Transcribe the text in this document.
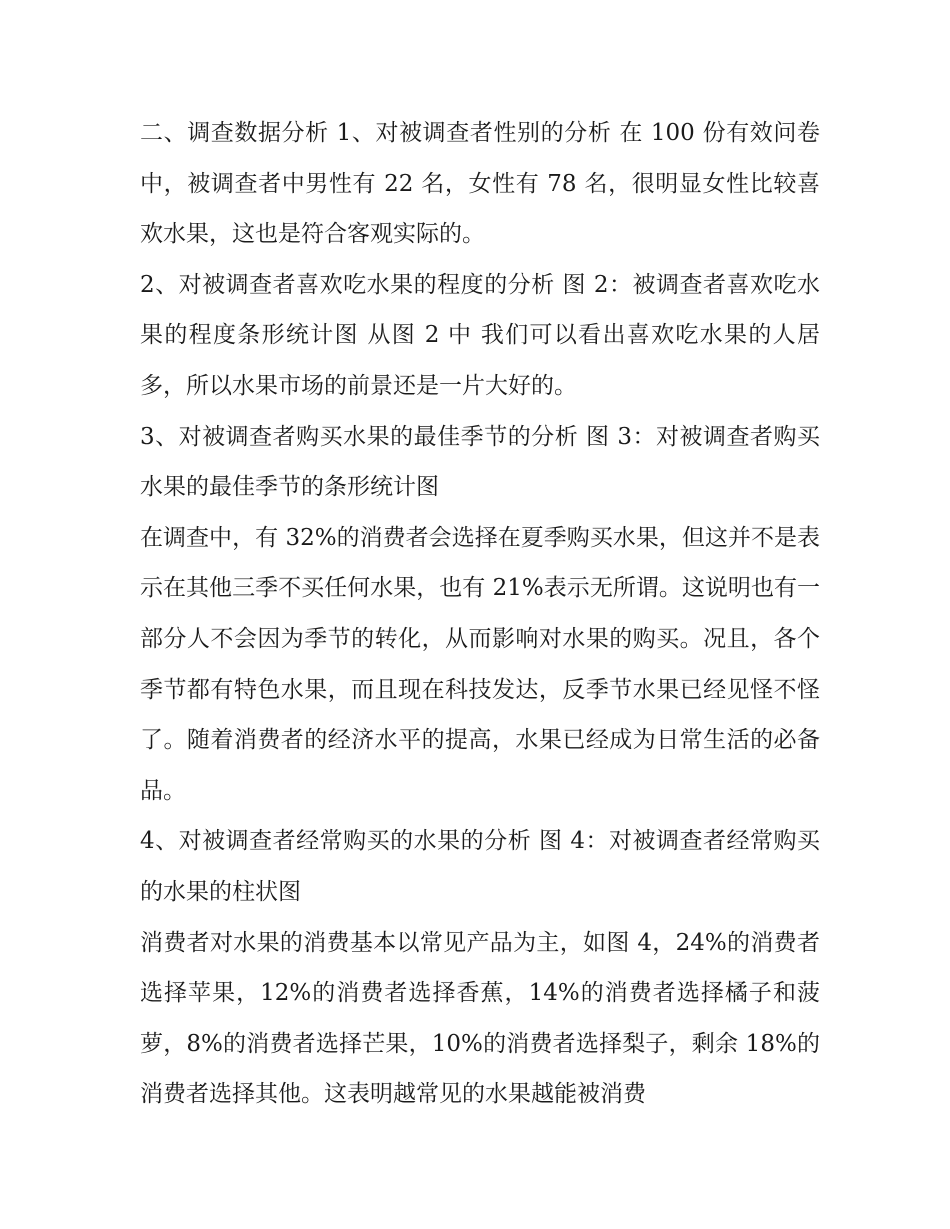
二、调查数据分析 1、对被调查者性别的分析 在 100 份有效问卷中，被调查者中男性有 22 名，女性有 78 名，很明显女性比较喜欢水果，这也是符合客观实际的。

2、对被调查者喜欢吃水果的程度的分析 图 2：被调查者喜欢吃水果的程度条形统计图 从图 2 中 我们可以看出喜欢吃水果的人居多，所以水果市场的前景还是一片大好的。

3、对被调查者购买水果的最佳季节的分析 图 3：对被调查者购买水果的最佳季节的条形统计图

在调查中，有 32%的消费者会选择在夏季购买水果，但这并不是表示在其他三季不买任何水果，也有 21%表示无所谓。这说明也有一部分人不会因为季节的转化，从而影响对水果的购买。况且，各个季节都有特色水果，而且现在科技发达，反季节水果已经见怪不怪了。随着消费者的经济水平的提高，水果已经成为日常生活的必备品。

4、对被调查者经常购买的水果的分析 图 4：对被调查者经常购买的水果的柱状图

消费者对水果的消费基本以常见产品为主，如图 4，24%的消费者选择苹果，12%的消费者选择香蕉，14%的消费者选择橘子和菠萝，8%的消费者选择芒果，10%的消费者选择梨子，剩余 18%的消费者选择其他。这表明越常见的水果越能被消费
